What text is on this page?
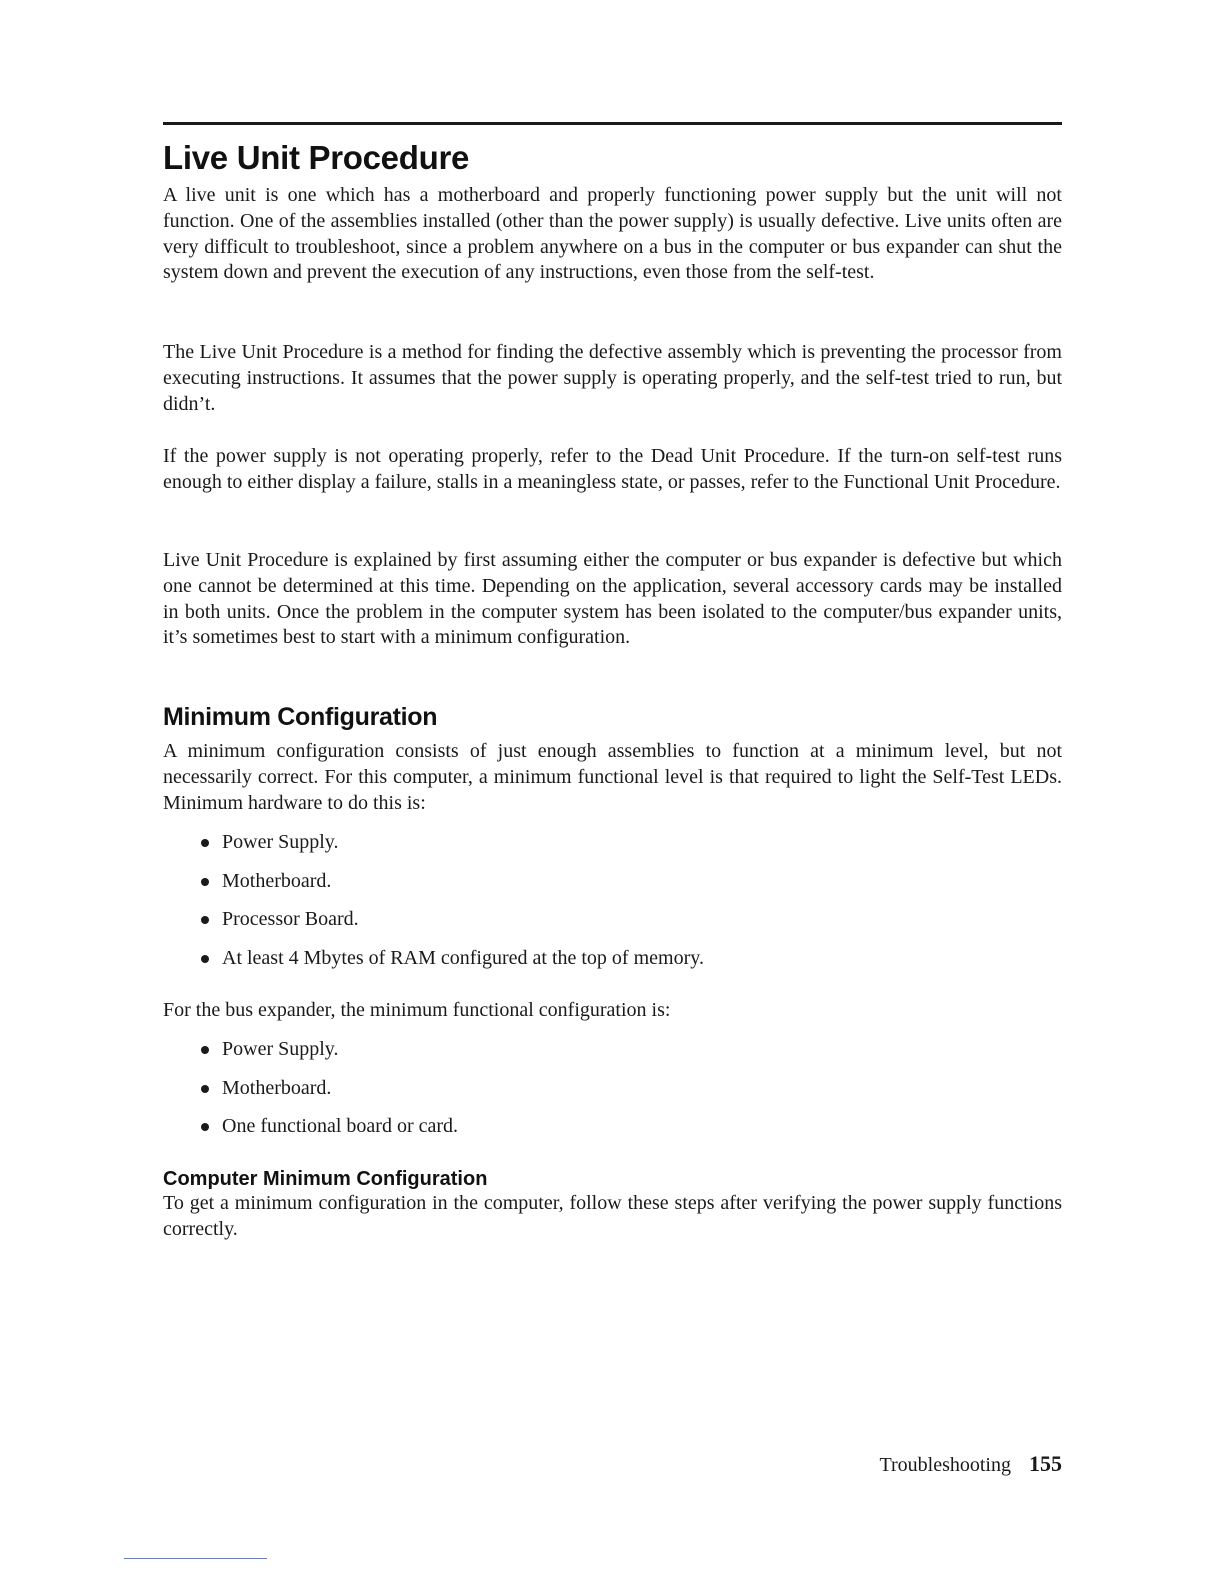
Live Unit Procedure

A live unit is one which has a motherboard and properly functioning power supply but the unit will not function. One of the assemblies installed (other than the power supply) is usually defective. Live units often are very difficult to troubleshoot, since a problem anywhere on a bus in the computer or bus expander can shut the system down and prevent the execution of any instructions, even those from the self-test.

The Live Unit Procedure is a method for finding the defective assembly which is preventing the processor from executing instructions. It assumes that the power supply is operating properly, and the self-test tried to run, but didn’t.

If the power supply is not operating properly, refer to the Dead Unit Procedure. If the turn-on self-test runs enough to either display a failure, stalls in a meaningless state, or passes, refer to the Functional Unit Procedure.

Live Unit Procedure is explained by first assuming either the computer or bus expander is defective but which one cannot be determined at this time. Depending on the application, several accessory cards may be installed in both units. Once the problem in the computer system has been isolated to the computer/bus expander units, it’s sometimes best to start with a minimum configuration.

Minimum Configuration

A minimum configuration consists of just enough assemblies to function at a minimum level, but not necessarily correct. For this computer, a minimum functional level is that required to light the Self-Test LEDs. Minimum hardware to do this is:

Power Supply.
Motherboard.
Processor Board.
At least 4 Mbytes of RAM configured at the top of memory.

For the bus expander, the minimum functional configuration is:

Power Supply.
Motherboard.
One functional board or card.
Computer Minimum Configuration

To get a minimum configuration in the computer, follow these steps after verifying the power supply functions correctly.

Troubleshooting 155
